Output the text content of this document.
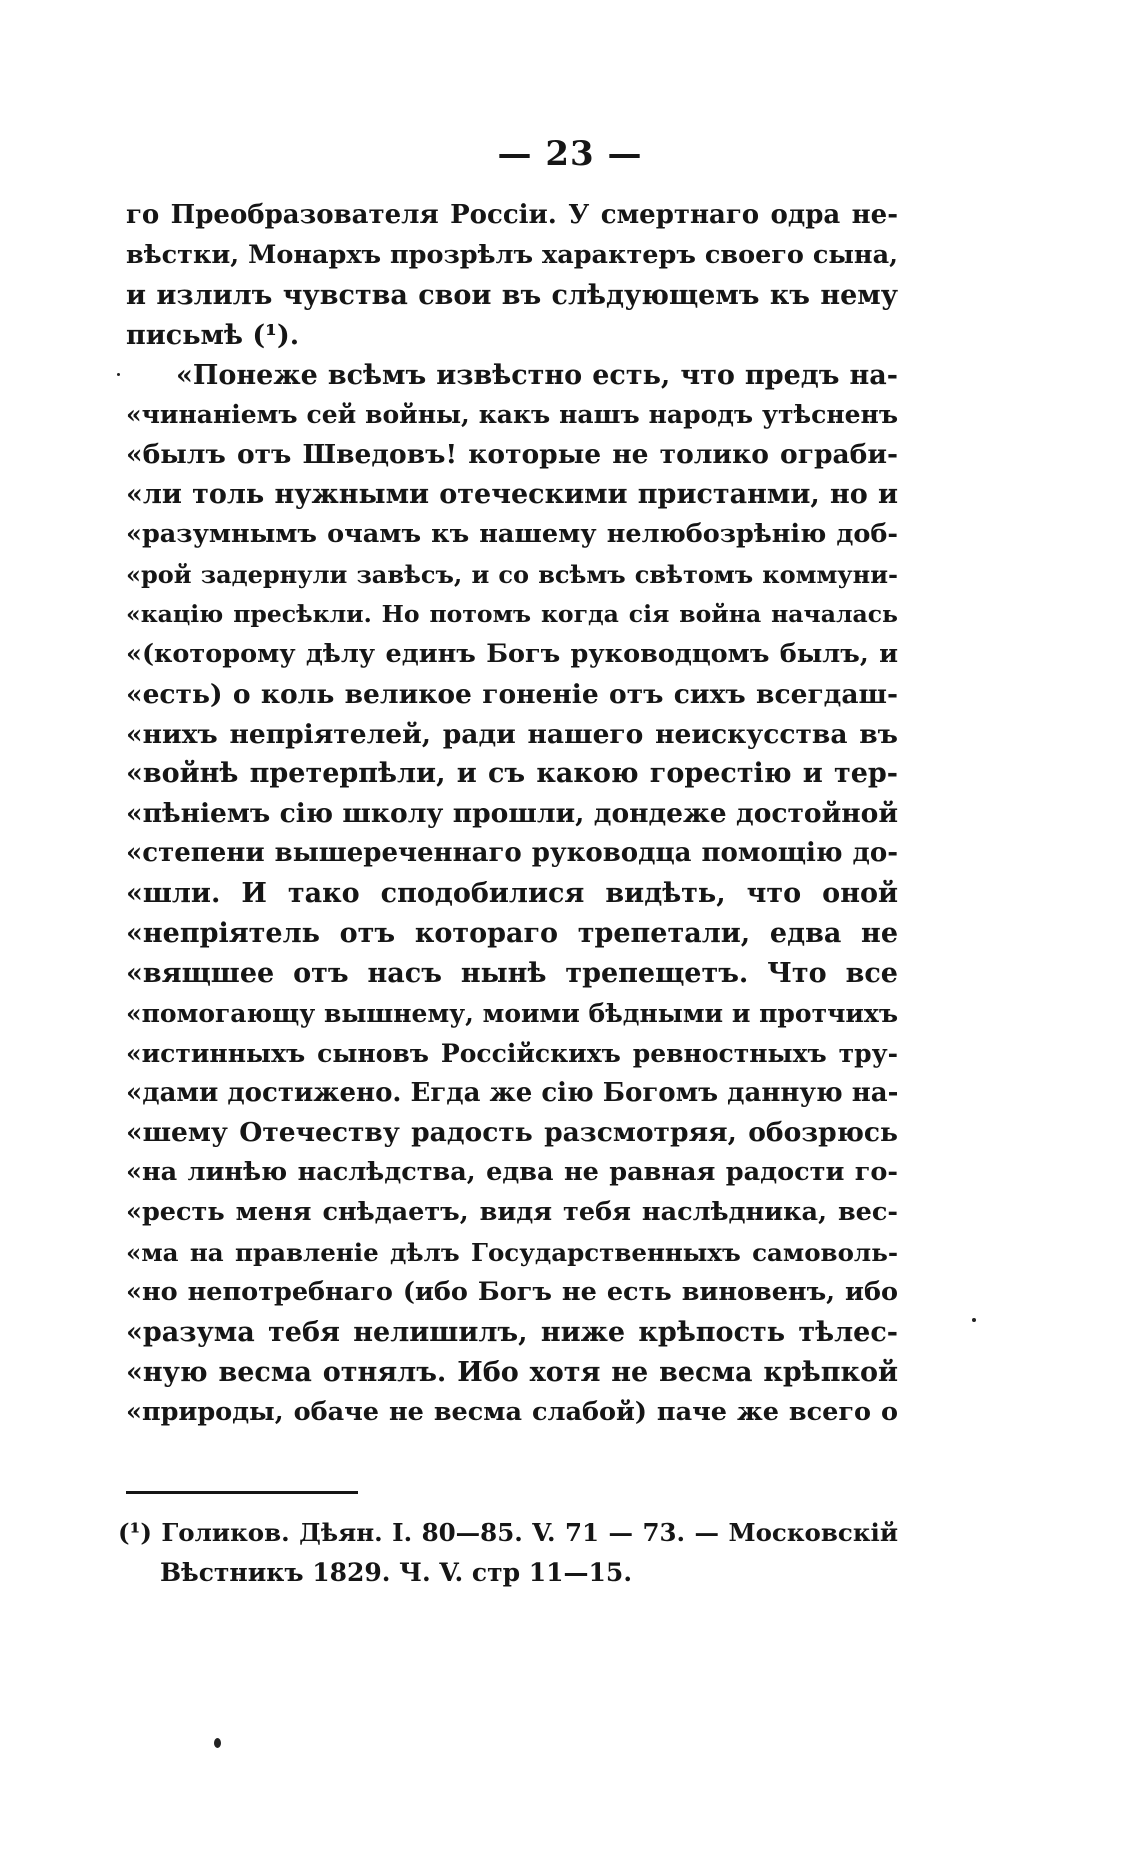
— 23 —
го Преобразователя Россіи. У смертнаго одра не-
вѣстки, Монархъ прозрѣлъ характеръ своего сына,
и излилъ чувства свои въ слѣдующемъ къ нему
письмѣ (¹).
«Понеже всѣмъ извѣстно есть, что предъ на-
«чинаніемъ сей войны, какъ нашъ народъ утѣсненъ
«былъ отъ Шведовъ! которые не толико ограби-
«ли толь нужными отеческими пристанми, но и
«разумнымъ очамъ къ нашему нелюбозрѣнію доб-
«рой задернули завѣсъ, и со всѣмъ свѣтомъ коммуни-
«кацію пресѣкли. Но потомъ когда сія война началась
«(которому дѣлу единъ Богъ руководцомъ былъ, и
«есть) о коль великое гоненіе отъ сихъ всегдаш-
«нихъ непріятелей, ради нашего неискусства въ
«войнѣ претерпѣли, и съ какою горестію и тер-
«пѣніемъ сію школу прошли, дондеже достойной
«степени вышереченнаго руководца помощію до-
«шли. И тако сподобилися видѣть, что оной
«непріятель отъ котораго трепетали, едва не
«вящшее отъ насъ нынѣ трепещетъ. Что все
«помогающу вышнему, моими бѣдными и протчихъ
«истинныхъ сыновъ Россійскихъ ревностныхъ тру-
«дами достижено. Егда же сію Богомъ данную на-
«шему Отечеству радость разсмотряя, обозрюсь
«на линѣю наслѣдства, едва не равная радости го-
«ресть меня снѣдаетъ, видя тебя наслѣдника, вес-
«ма на правленіе дѣлъ Государственныхъ самоволь-
«но непотребнаго (ибо Богъ не есть виновенъ, ибо
«разума тебя нелишилъ, ниже крѣпость тѣлес-
«ную весма отнялъ. Ибо хотя не весма крѣпкой
«природы, обаче не весма слабой) паче же всего о
(¹) Голиков. Дѣян. I. 80—85. V. 71 — 73. — Московскій
Вѣстникъ 1829. Ч. V. стр 11—15.
